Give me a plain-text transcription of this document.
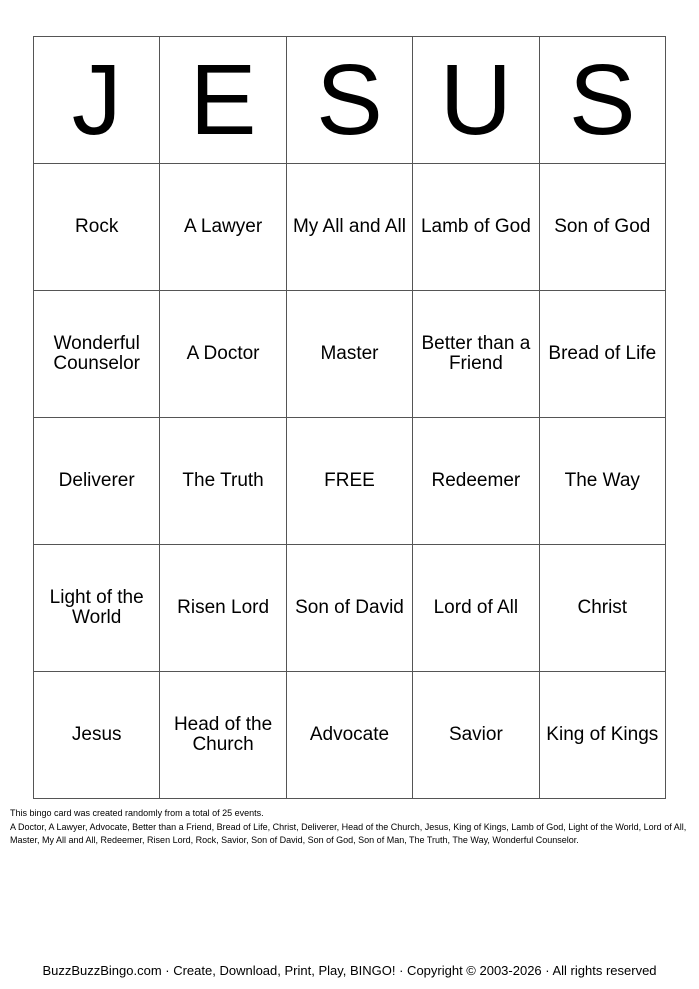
J	E	S	U	S
Rock	A Lawyer	My All and All	Lamb of God	Son of God
Wonderful Counselor	A Doctor	Master	Better than a Friend	Bread of Life
Deliverer	The Truth	FREE	Redeemer	The Way
Light of the World	Risen Lord	Son of David	Lord of All	Christ
Jesus	Head of the Church	Advocate	Savior	King of Kings

This bingo card was created randomly from a total of 25 events.

A Doctor, A Lawyer, Advocate, Better than a Friend, Bread of Life, Christ, Deliverer, Head of the Church, Jesus, King of Kings, Lamb of God, Light of the World, Lord of All, Master, My All and All, Redeemer, Risen Lord, Rock, Savior, Son of David, Son of God, Son of Man, The Truth, The Way, Wonderful Counselor.

BuzzBuzzBingo.com · Create, Download, Print, Play, BINGO! · Copyright © 2003-2026 · All rights reserved
